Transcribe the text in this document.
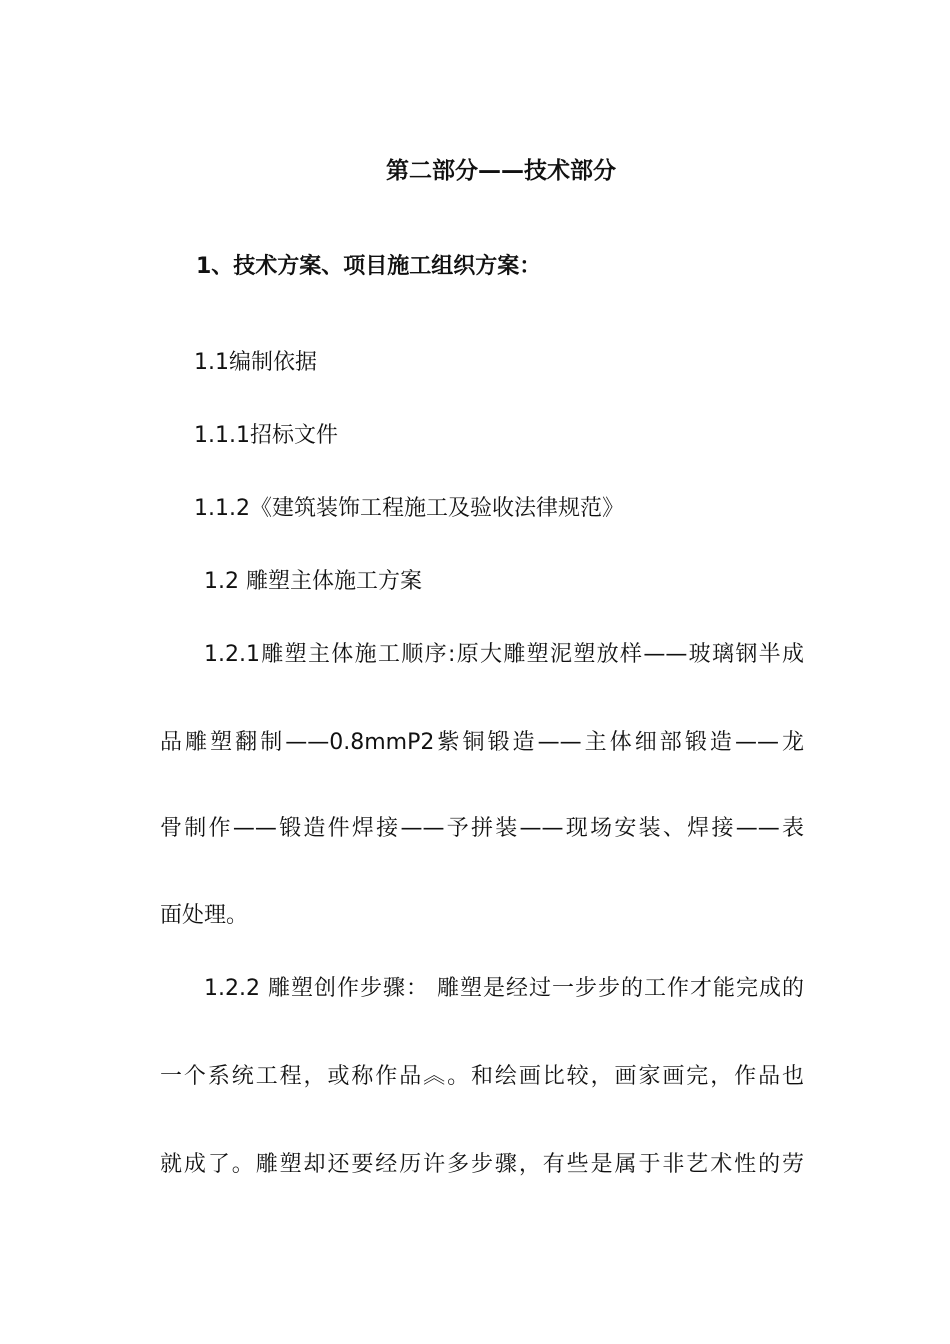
第二部分——技术部分
1、技术方案、项目施工组织方案：
1.1编制依据
1.1.1招标文件
1.1.2《建筑装饰工程施工及验收法律规范》
1.2 雕塑主体施工方案
1.2.1雕塑主体施工顺序:原大雕塑泥塑放样——玻璃钢半成
品雕塑翻制——0.8mmP2紫铜锻造——主体细部锻造——龙
骨制作——锻造件焊接——予拼装——现场安装、焊接——表
面处理。
1.2.2 雕塑创作步骤： 雕塑是经过一步步的工作才能完成的
一个系统工程，或称作品︽。和绘画比较，画家画完，作品也
就成了。雕塑却还要经历许多步骤，有些是属于非艺术性的劳
